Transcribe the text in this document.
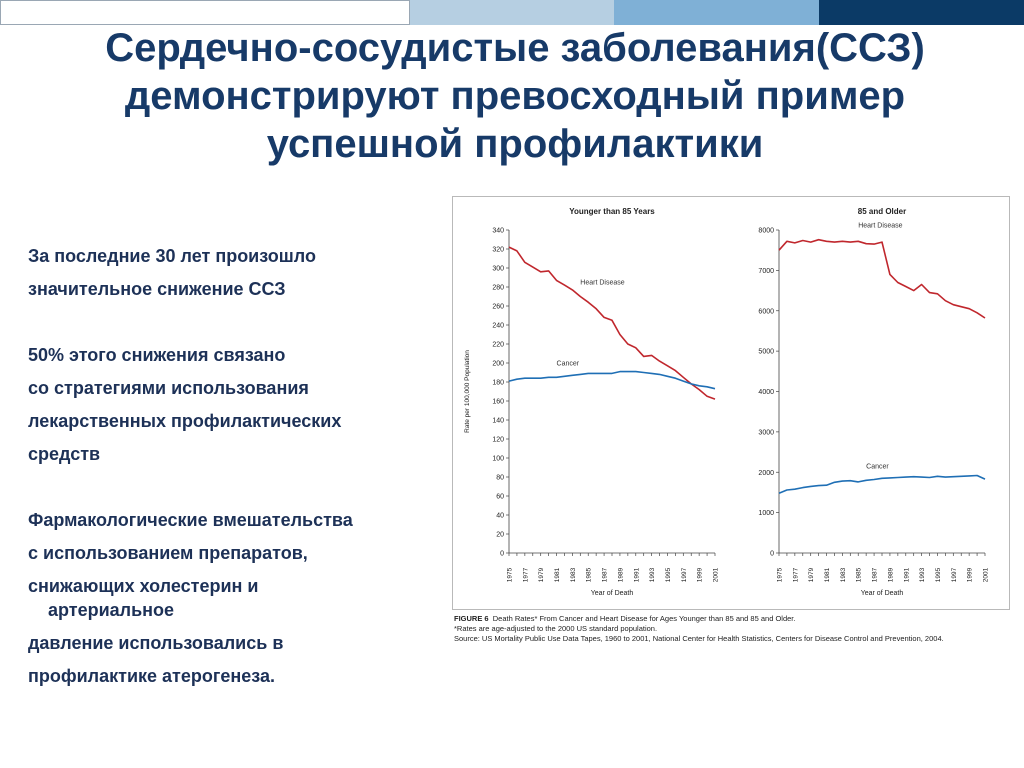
Сердечно-сосудистые заболевания(ССЗ)
демонстрируют превосходный пример
успешной профилактики
За последние 30 лет произошло
значительное снижение ССЗ
50% этого снижения связано
со стратегиями использования
лекарственных профилактических
средств
Фармакологические вмешательства
с использованием препаратов,
снижающих холестерин и
артериальное
давление использовались в
профилактике атерогенеза.
Younger than 85 Years
0
20
40
60
80
100
120
140
160
180
200
220
240
260
280
300
320
340
1975 1977 1979 1981 1983 1985 1987 1989 1991 1993 1995 1997 1999 2001
Year of Death
Rate per 100,000 Population
Heart Disease
Cancer
85 and Older
0
1000
2000
3000
4000
5000
6000
7000
8000
1975 1977 1979 1981 1983 1985 1987 1989 1991 1993 1995 1997 1999 2001
Year of Death
Heart Disease
Cancer
FIGURE 6 Death Rates* From Cancer and Heart Disease for Ages Younger than 85 and 85 and Older.
*Rates are age-adjusted to the 2000 US standard population.
Source: US Mortality Public Use Data Tapes, 1960 to 2001, National Center for Health Statistics, Centers for Disease Control and Prevention, 2004.
